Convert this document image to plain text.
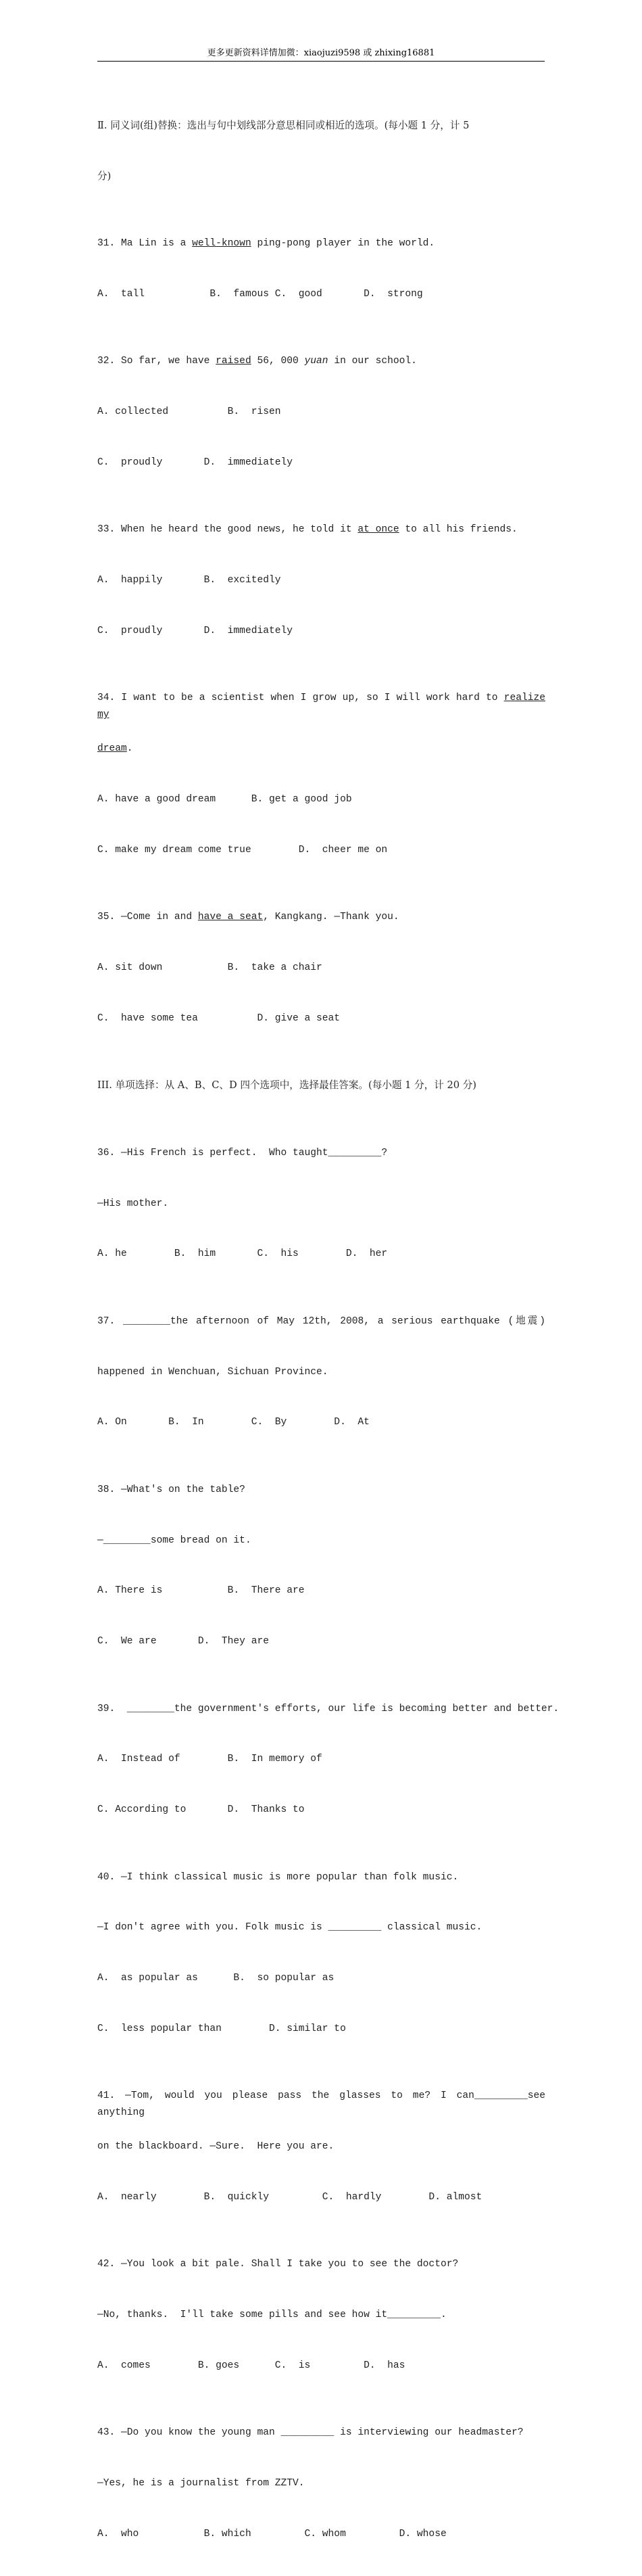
更多更新资料详情加微：xiaojuzi9598 或 zhixing16881

Ⅱ. 同义词(组)替换：选出与句中划线部分意思相同或相近的选项。(每小题 1 分，计 5

分)

31. Ma Lin is a well-known ping-pong player in the world.

A.  tall           B.  famous C.  good       D.  strong

32. So far, we have raised 56, 000 yuan in our school.

A. collected          B.  risen

C.  proudly       D.  immediately

33. When he heard the good news, he told it at once to all his friends.

A.  happily       B.  excitedly

C.  proudly       D.  immediately

34. I want to be a scientist when I grow up, so I will work hard to realize my

dream.

A. have a good dream      B. get a good job

C. make my dream come true        D.  cheer me on

35. —Come in and have a seat, Kangkang. —Thank you.

A. sit down           B.  take a chair

C.  have some tea          D. give a seat

III. 单项选择：从 A、B、C、D 四个选项中，选择最佳答案。(每小题 1 分，计 20 分)

36. —His French is perfect.  Who taught_________?

—His mother.

A. he        B.  him       C.  his        D.  her

37. ________the afternoon of May 12th, 2008, a serious earthquake (地震)

happened in Wenchuan, Sichuan Province.

A. On       B.  In        C.  By        D.  At

38. —What's on the table?

—________some bread on it.

A. There is           B.  There are

C.  We are       D.  They are

39.  ________the government's efforts, our life is becoming better and better.

A.  Instead of        B.  In memory of

C. According to       D.  Thanks to

40. —I think classical music is more popular than folk music.

—I don't agree with you. Folk music is _________ classical music.

A.  as popular as      B.  so popular as

C.  less popular than        D. similar to

41. —Tom, would you please pass the glasses to me? I can_________see anything

on the blackboard. —Sure.  Here you are.

A.  nearly        B.  quickly         C.  hardly        D. almost

42. —You look a bit pale. Shall I take you to see the doctor?

—No, thanks.  I'll take some pills and see how it_________.

A.  comes        B. goes      C.  is         D.  has

43. —Do you know the young man _________ is interviewing our headmaster?

—Yes, he is a journalist from ZZTV.

A.  who           B. which         C. whom         D. whose
